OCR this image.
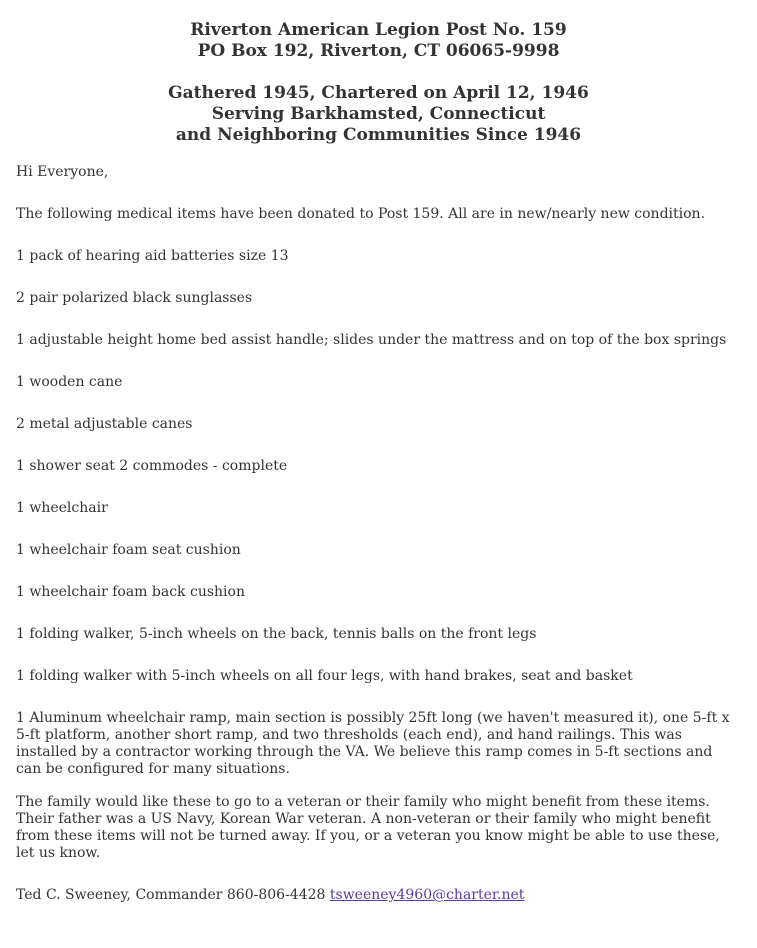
Riverton American Legion Post No. 159
PO Box 192, Riverton, CT 06065-9998
Gathered 1945, Chartered on April 12, 1946
Serving Barkhamsted, Connecticut
and Neighboring Communities Since 1946

Hi Everyone,

The following medical items have been donated to Post 159. All are in new/nearly new condition.

1 pack of hearing aid batteries size 13

2 pair polarized black sunglasses

1 adjustable height home bed assist handle; slides under the mattress and on top of the box springs

1 wooden cane

2 metal adjustable canes

1 shower seat 2 commodes - complete

1 wheelchair

1 wheelchair foam seat cushion

1 wheelchair foam back cushion

1 folding walker, 5-inch wheels on the back, tennis balls on the front legs

1 folding walker with 5-inch wheels on all four legs, with hand brakes, seat and basket

1 Aluminum wheelchair ramp, main section is possibly 25ft long (we haven't measured it), one 5-ft x 5-ft platform, another short ramp, and two thresholds (each end), and hand railings. This was installed by a contractor working through the VA. We believe this ramp comes in 5-ft sections and can be configured for many situations.

The family would like these to go to a veteran or their family who might benefit from these items. Their father was a US Navy, Korean War veteran. A non-veteran or their family who might benefit from these items will not be turned away. If you, or a veteran you know might be able to use these, let us know.

Ted C. Sweeney, Commander 860-806-4428 tsweeney4960@charter.net
